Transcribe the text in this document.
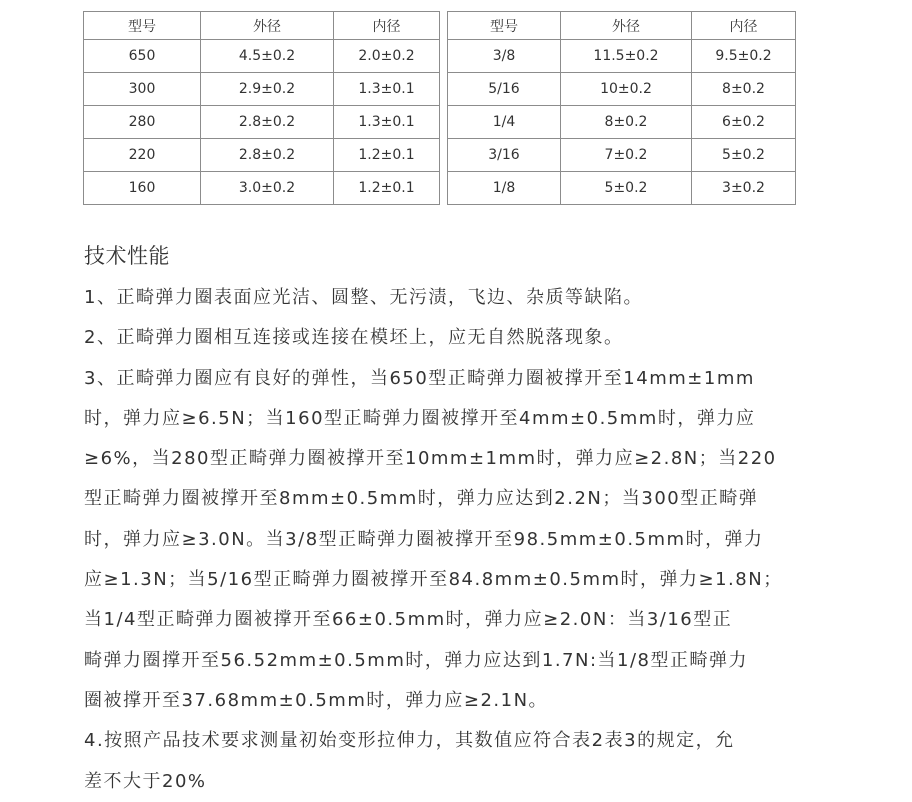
型号	外径	内径
650	4.5±0.2	2.0±0.2
300	2.9±0.2	1.3±0.1
280	2.8±0.2	1.3±0.1
220	2.8±0.2	1.2±0.1
160	3.0±0.2	1.2±0.1
型号	外径	内径
3/8	11.5±0.2	9.5±0.2
5/16	10±0.2	8±0.2
1/4	8±0.2	6±0.2
3/16	7±0.2	5±0.2
1/8	5±0.2	3±0.2
技术性能
1、正畸弹力圈表面应光洁、圆整、无污渍，飞边、杂质等缺陷。
2、正畸弹力圈相互连接或连接在模坯上，应无自然脱落现象。
3、正畸弹力圈应有良好的弹性，当650型正畸弹力圈被撑开至14mm±1mm
时，弹力应≥6.5N；当160型正畸弹力圈被撑开至4mm±0.5mm时，弹力应
≥6%，当280型正畸弹力圈被撑开至10mm±1mm时，弹力应≥2.8N；当220
型正畸弹力圈被撑开至8mm±0.5mm时，弹力应达到2.2N；当300型正畸弹
时，弹力应≥3.0N。当3/8型正畸弹力圈被撑开至98.5mm±0.5mm时，弹力
应≥1.3N；当5/16型正畸弹力圈被撑开至84.8mm±0.5mm时，弹力≥1.8N；
当1/4型正畸弹力圈被撑开至66±0.5mm时，弹力应≥2.0N：当3/16型正
畸弹力圈撑开至56.52mm±0.5mm时，弹力应达到1.7N:当1/8型正畸弹力
圈被撑开至37.68mm±0.5mm时，弹力应≥2.1N。
4.按照产品技术要求测量初始变形拉伸力，其数值应符合表2表3的规定，允
差不大于20%
